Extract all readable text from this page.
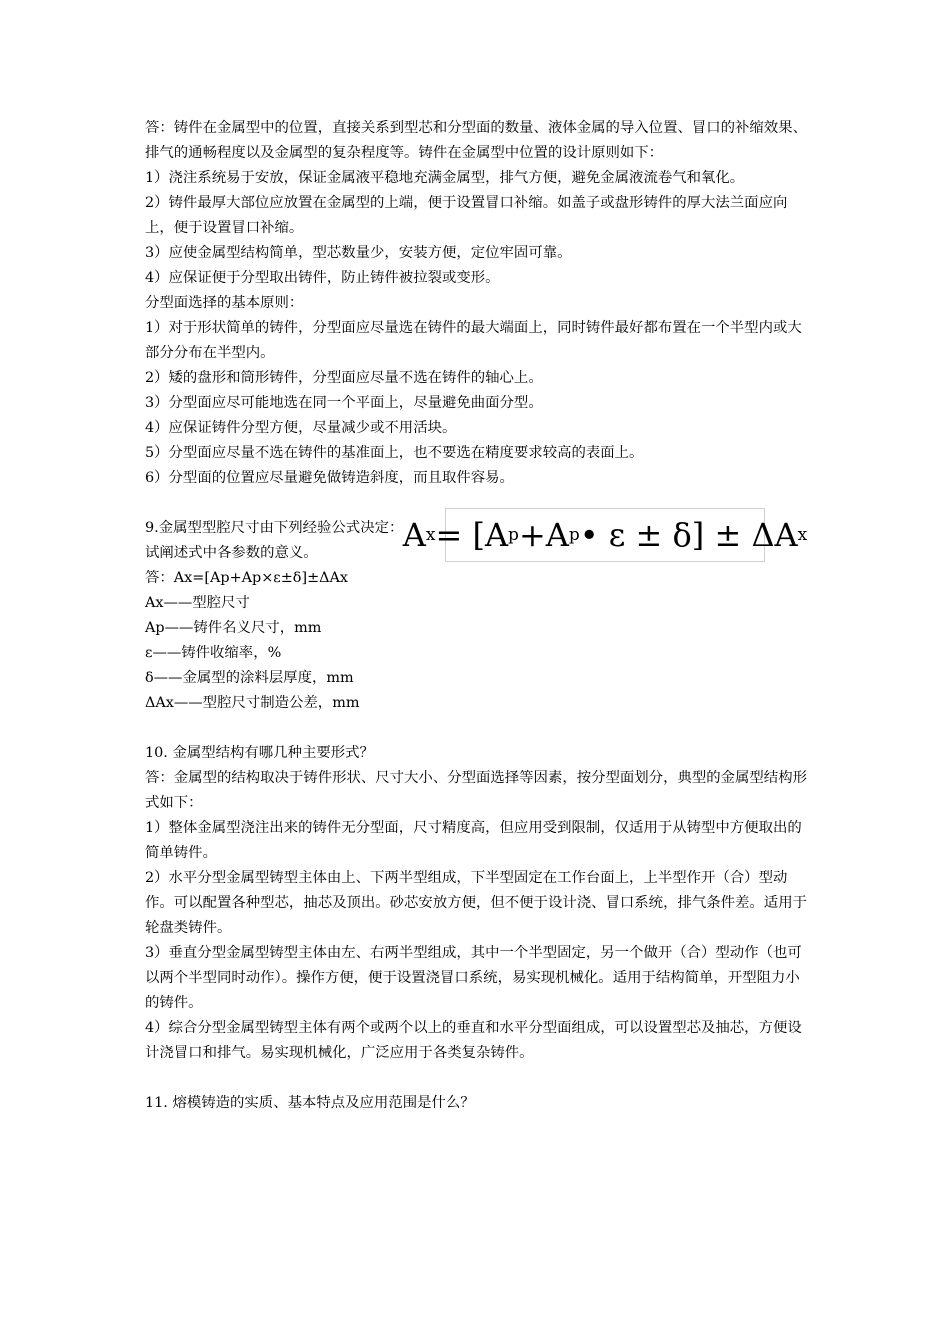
答：铸件在金属型中的位置，直接关系到型芯和分型面的数量、液体金属的导入位置、冒口的补缩效果、排气的通畅程度以及金属型的复杂程度等。铸件在金属型中位置的设计原则如下：

1）浇注系统易于安放，保证金属液平稳地充满金属型，排气方便，避免金属液流卷气和氧化。

2）铸件最厚大部位应放置在金属型的上端，便于设置冒口补缩。如盖子或盘形铸件的厚大法兰面应向上，便于设置冒口补缩。

3）应使金属型结构简单，型芯数量少，安装方便，定位牢固可靠。

4）应保证便于分型取出铸件，防止铸件被拉裂或变形。

分型面选择的基本原则：

1）对于形状简单的铸件，分型面应尽量选在铸件的最大端面上，同时铸件最好都布置在一个半型内或大部分分布在半型内。

2）矮的盘形和筒形铸件，分型面应尽量不选在铸件的轴心上。

3）分型面应尽可能地选在同一个平面上，尽量避免曲面分型。

4）应保证铸件分型方便，尽量减少或不用活块。

5）分型面应尽量不选在铸件的基准面上，也不要选在精度要求较高的表面上。

6）分型面的位置应尽量避免做铸造斜度，而且取件容易。

9.金属型型腔尺寸由下列经验公式决定：

试阐述式中各参数的意义。	A x = [ A p + A p • ε ± δ] ± ΔA x

答：Ax=[Ap+Ap×ε±δ]±ΔAx

Ax——型腔尺寸

Ap——铸件名义尺寸，mm

ε——铸件收缩率，%

δ——金属型的涂料层厚度，mm

ΔAx——型腔尺寸制造公差，mm

10. 金属型结构有哪几种主要形式？

答：金属型的结构取决于铸件形状、尺寸大小、分型面选择等因素，按分型面划分，典型的金属型结构形式如下：

1）整体金属型浇注出来的铸件无分型面，尺寸精度高，但应用受到限制，仅适用于从铸型中方便取出的简单铸件。

2）水平分型金属型铸型主体由上、下两半型组成，下半型固定在工作台面上，上半型作开（合）型动作。可以配置各种型芯，抽芯及顶出。砂芯安放方便，但不便于设计浇、冒口系统，排气条件差。适用于轮盘类铸件。

3）垂直分型金属型铸型主体由左、右两半型组成，其中一个半型固定，另一个做开（合）型动作（也可以两个半型同时动作）。操作方便，便于设置浇冒口系统，易实现机械化。适用于结构简单，开型阻力小的铸件。

4）综合分型金属型铸型主体有两个或两个以上的垂直和水平分型面组成，可以设置型芯及抽芯，方便设计浇冒口和排气。易实现机械化，广泛应用于各类复杂铸件。

11. 熔模铸造的实质、基本特点及应用范围是什么？
